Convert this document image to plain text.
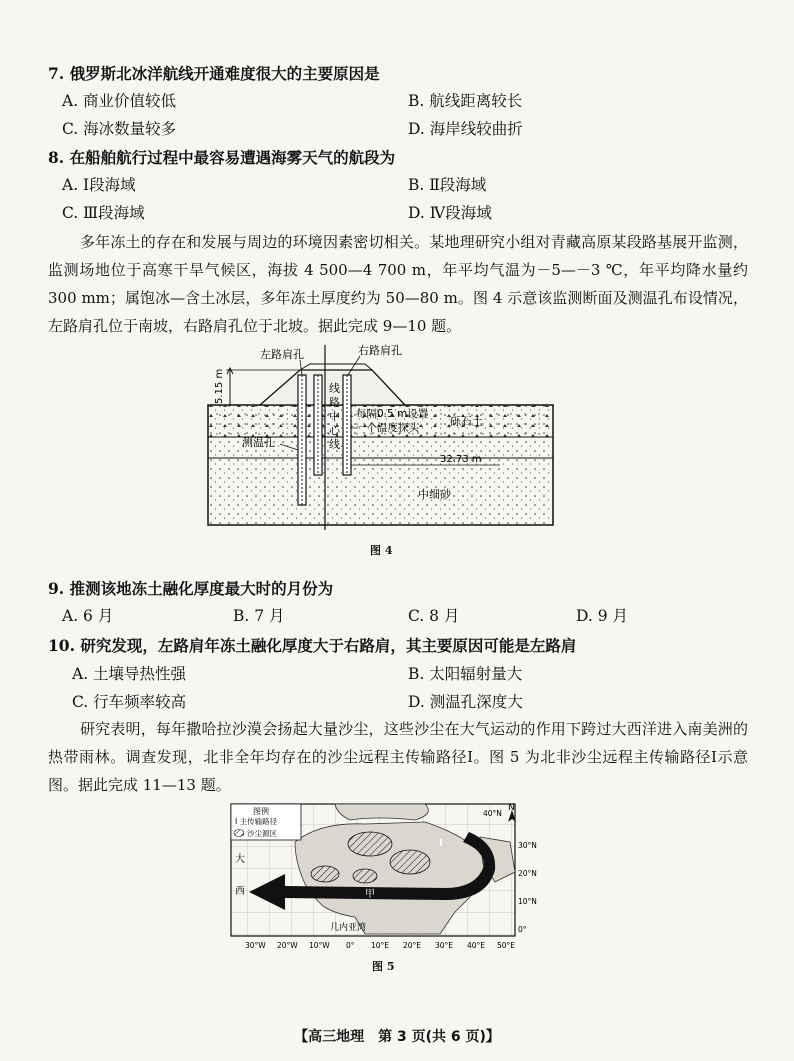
7. 俄罗斯北冰洋航线开通难度很大的主要原因是
A. 商业价值较低	B. 航线距离较长
C. 海冰数量较多	D. 海岸线较曲折
8. 在船舶航行过程中最容易遭遇海雾天气的航段为
A. Ⅰ段海域	B. Ⅱ段海域
C. Ⅲ段海域	D. Ⅳ段海域
多年冻土的存在和发展与周边的环境因素密切相关。某地理研究小组对青藏高原某段路基展开监测，监测场地位于高寒干旱气候区，海拔 4 500—4 700 m，年平均气温为－5—－3 ℃，年平均降水量约 300 mm；属饱冰—含土冰层，多年冻土厚度约为 50—80 m。图 4 示意该监测断面及测温孔布设情况，左路肩孔位于南坡，右路肩孔位于北坡。据此完成 9—10 题。
5.15 m
左路肩孔	右路肩孔
线
路
中
心
线
每隔0.5 m设置
一个温度探头	砾石土
测温孔
32.73 m
中细砂
图 4
9. 推测该地冻土融化厚度最大时的月份为
A. 6 月	B. 7 月	C. 8 月	D. 9 月
10. 研究发现，左路肩年冻土融化厚度大于右路肩，其主要原因可能是左路肩
A. 土壤导热性强	B. 太阳辐射量大
C. 行车频率较高	D. 测温孔深度大
研究表明，每年撒哈拉沙漠会扬起大量沙尘，这些沙尘在大气运动的作用下跨过大西洋进入南美洲的热带雨林。调查发现，北非全年均存在的沙尘远程主传输路径Ⅰ。图 5 为北非沙尘远程主传输路径Ⅰ示意图。据此完成 11—13 题。
Ⅰ
甲
大
西
几内亚湾
图例
Ⅰ 主传输路径
沙尘源区
N
40°N
30°N
20°N
10°N
0°
30°W 20°W 10°W 0° 10°E 20°E 30°E 40°E 50°E
图 5
【高三地理　第 3 页(共 6 页)】
